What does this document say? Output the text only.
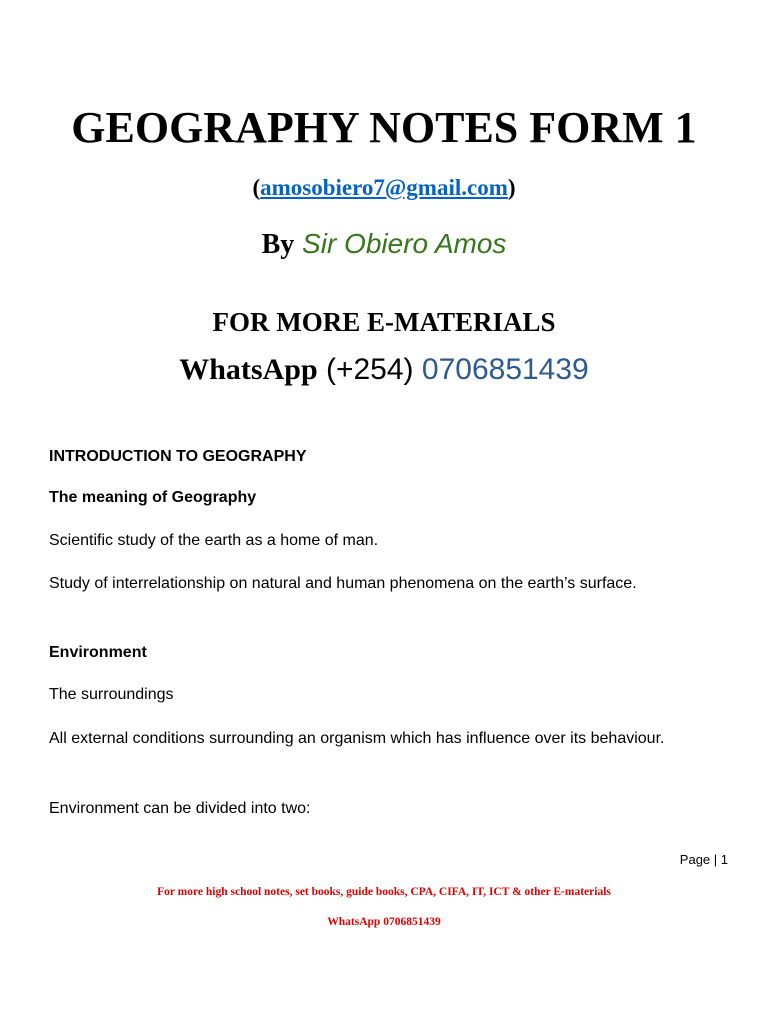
GEOGRAPHY NOTES FORM 1
(amosobiero7@gmail.com)
By Sir Obiero Amos
FOR MORE E-MATERIALS
WhatsApp (+254) 0706851439

INTRODUCTION TO GEOGRAPHY

The meaning of Geography

Scientific study of the earth as a home of man.

Study of interrelationship on natural and human phenomena on the earth’s surface.

Environment

The surroundings

All external conditions surrounding an organism which has influence over its behaviour.

Environment can be divided into two:

Page | 1
For more high school notes, set books, guide books, CPA, CIFA, IT, ICT & other E-materials
WhatsApp 0706851439
